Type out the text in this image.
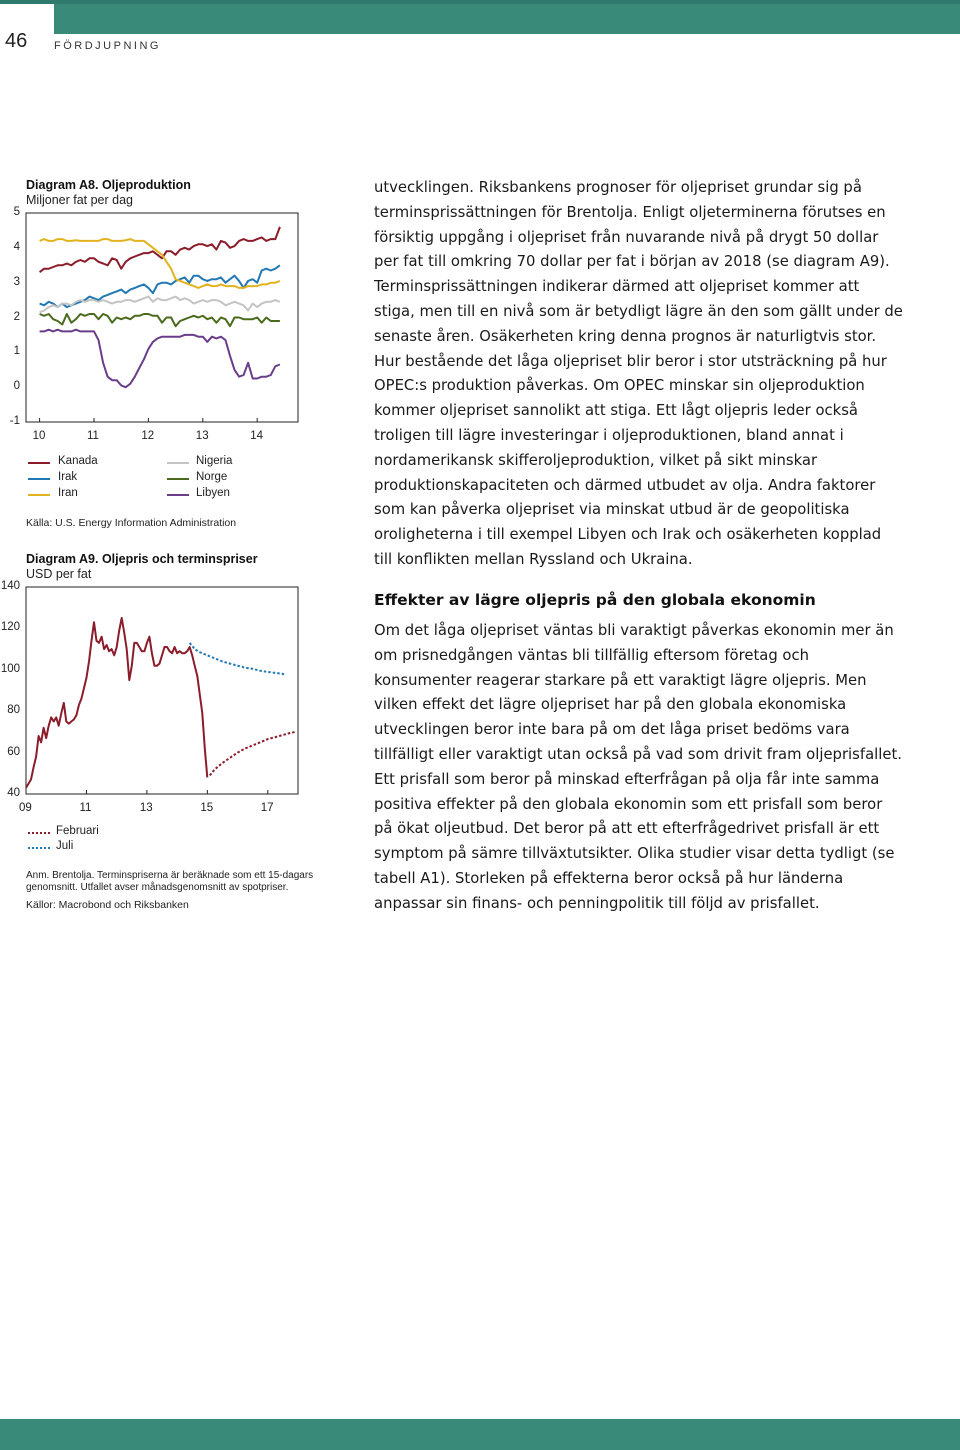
46 FÖRDJUPNING
Diagram A8. Oljeproduktion
Miljoner fat per dag
5
4
3
2
1
0
-1
10	11	12	13	14
Kanada
Irak
Iran
Nigeria
Norge
Libyen
Källa: U.S. Energy Information Administration
Diagram A9. Oljepris och terminspriser
USD per fat
140
120
100
80
60
40
09	11	13	15	17
Februari
Juli
Anm. Brentolja. Terminspriserna är beräknade som ett 15-dagars
genomsnitt. Utfallet avser månadsgenomsnitt av spotpriser.
Källor: Macrobond och Riksbanken

utvecklingen. Riksbankens prognoser för oljepriset grundar sig på terminsprissättningen för Brentolja. Enligt oljeterminerna förutses en försiktig uppgång i oljepriset från nuvarande nivå på drygt 50 dollar per fat till omkring 70 dollar per fat i början av 2018 (se diagram A9). Terminsprissättningen indikerar därmed att oljepriset kommer att stiga, men till en nivå som är betydligt lägre än den som gällt under de senaste åren. Osäkerheten kring denna prognos är naturligtvis stor. Hur bestående det låga oljepriset blir beror i stor utsträckning på hur OPEC:s produktion påverkas. Om OPEC minskar sin oljeproduktion kommer oljepriset sannolikt att stiga. Ett lågt oljepris leder också troligen till lägre investeringar i oljeproduktionen, bland annat i nordamerikansk skifferoljeproduktion, vilket på sikt minskar produktionskapaciteten och därmed utbudet av olja. Andra faktorer som kan påverka oljepriset via minskat utbud är de geopolitiska oroligheterna i till exempel Libyen och Irak och osäkerheten kopplad till konflikten mellan Ryssland och Ukraina.

Effekter av lägre oljepris på den globala ekonomin

Om det låga oljepriset väntas bli varaktigt påverkas ekonomin mer än om prisnedgången väntas bli tillfällig eftersom företag och konsumenter reagerar starkare på ett varaktigt lägre oljepris. Men vilken effekt det lägre oljepriset har på den globala ekonomiska utvecklingen beror inte bara på om det låga priset bedöms vara tillfälligt eller varaktigt utan också på vad som drivit fram oljeprisfallet. Ett prisfall som beror på minskad efterfrågan på olja får inte samma positiva effekter på den globala ekonomin som ett prisfall som beror på ökat oljeutbud. Det beror på att ett efterfrågedrivet prisfall är ett symptom på sämre tillväxtutsikter. Olika studier visar detta tydligt (se tabell A1). Storleken på effekterna beror också på hur länderna anpassar sin finans- och penningpolitik till följd av prisfallet.
